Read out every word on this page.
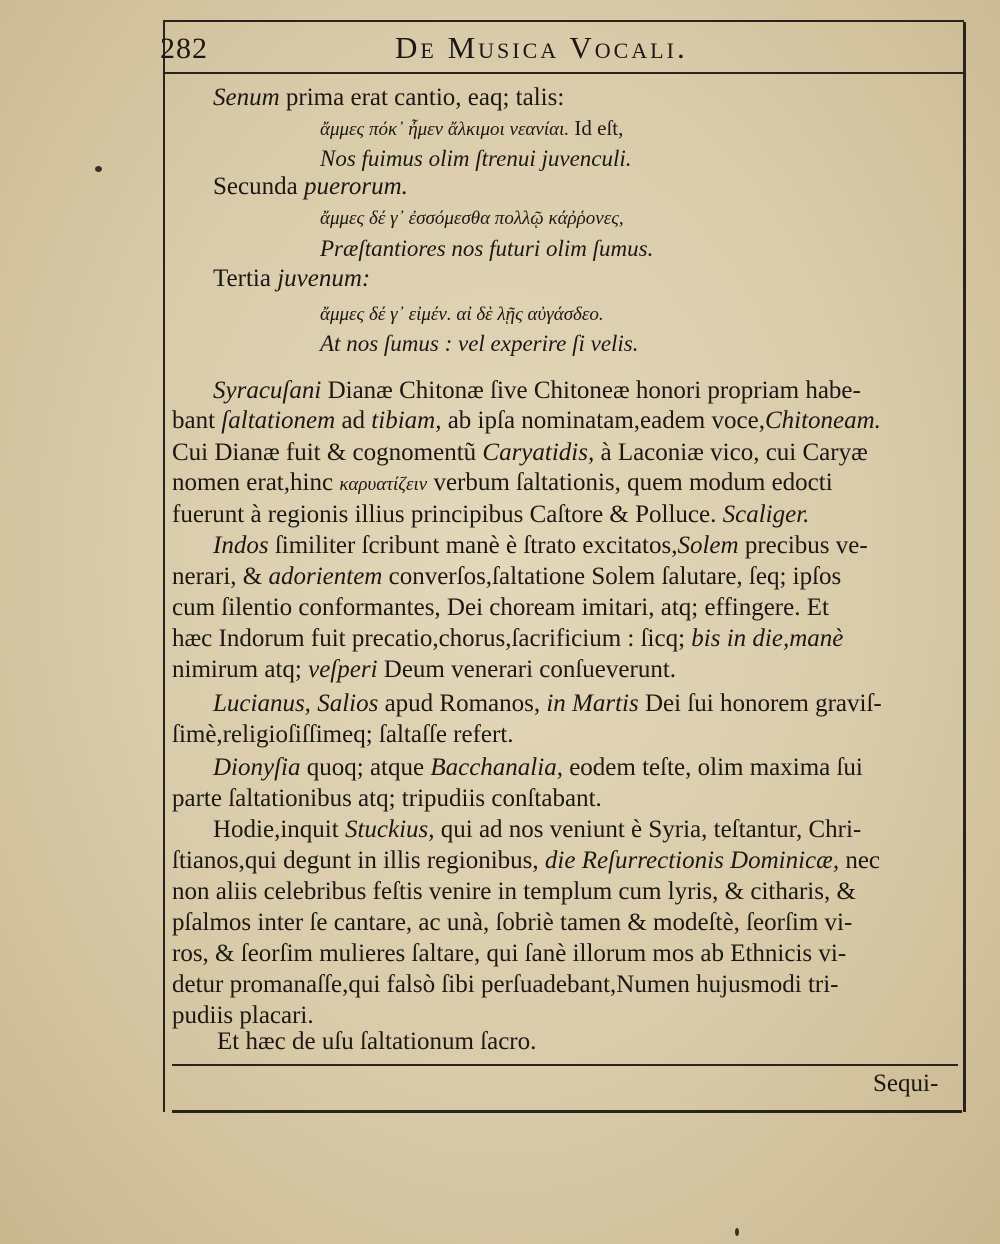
282	De Musica Vocali.
Senum prima erat cantio, eaq; talis:
ἄμμες πόκ᾽ ἦμεν ἄλκιμοι νεανίαι. Id eſt,
Nos fuimus olim ſtrenui juvenculi.
Secunda puerorum.
ἄμμες δέ γ᾽ ἐσσόμεσθα πολλῷ κάῤῥονες,
Præſtantiores nos futuri olim ſumus.
Tertia juvenum:
ἄμμες δέ γ᾽ εἰμέν. αἰ δὲ λῇς αὐγάσδεο.
At nos ſumus : vel experire ſi velis.
Syracuſani Dianæ Chitonæ ſive Chitoneæ honori propriam habe-
bant ſaltationem ad tibiam, ab ipſa nominatam,eadem voce,Chitoneam.
Cui Dianæ fuit & cognomentũ Caryatidis, à Laconiæ vico, cui Caryæ
nomen erat,hinc καρυατίζειν verbum ſaltationis, quem modum edocti
fuerunt à regionis illius principibus Caſtore & Polluce. Scaliger.
Indos ſimiliter ſcribunt manè è ſtrato excitatos,Solem precibus ve-
nerari, & adorientem converſos,ſaltatione Solem ſalutare, ſeq; ipſos
cum ſilentio conformantes, Dei choream imitari, atq; effingere. Et
hæc Indorum fuit precatio,chorus,ſacrificium : ſicq; bis in die,manè
nimirum atq; veſperi Deum venerari conſueverunt.
Lucianus, Salios apud Romanos, in Martis Dei ſui honorem graviſ-
ſimè,religioſiſſimeq; ſaltaſſe refert.
Dionyſia quoq; atque Bacchanalia, eodem teſte, olim maxima ſui
parte ſaltationibus atq; tripudiis conſtabant.
Hodie,inquit Stuckius, qui ad nos veniunt è Syria, teſtantur, Chri-
ſtianos,qui degunt in illis regionibus, die Reſurrectionis Dominicæ, nec
non aliis celebribus feſtis venire in templum cum lyris, & citharis, &
pſalmos inter ſe cantare, ac unà, ſobriè tamen & modeſtè, ſeorſim vi-
ros, & ſeorſim mulieres ſaltare, qui ſanè illorum mos ab Ethnicis vi-
detur promanaſſe,qui falsò ſibi perſuadebant,Numen hujusmodi tri-
pudiis placari.
Et hæc de uſu ſaltationum ſacro.
Sequi-
